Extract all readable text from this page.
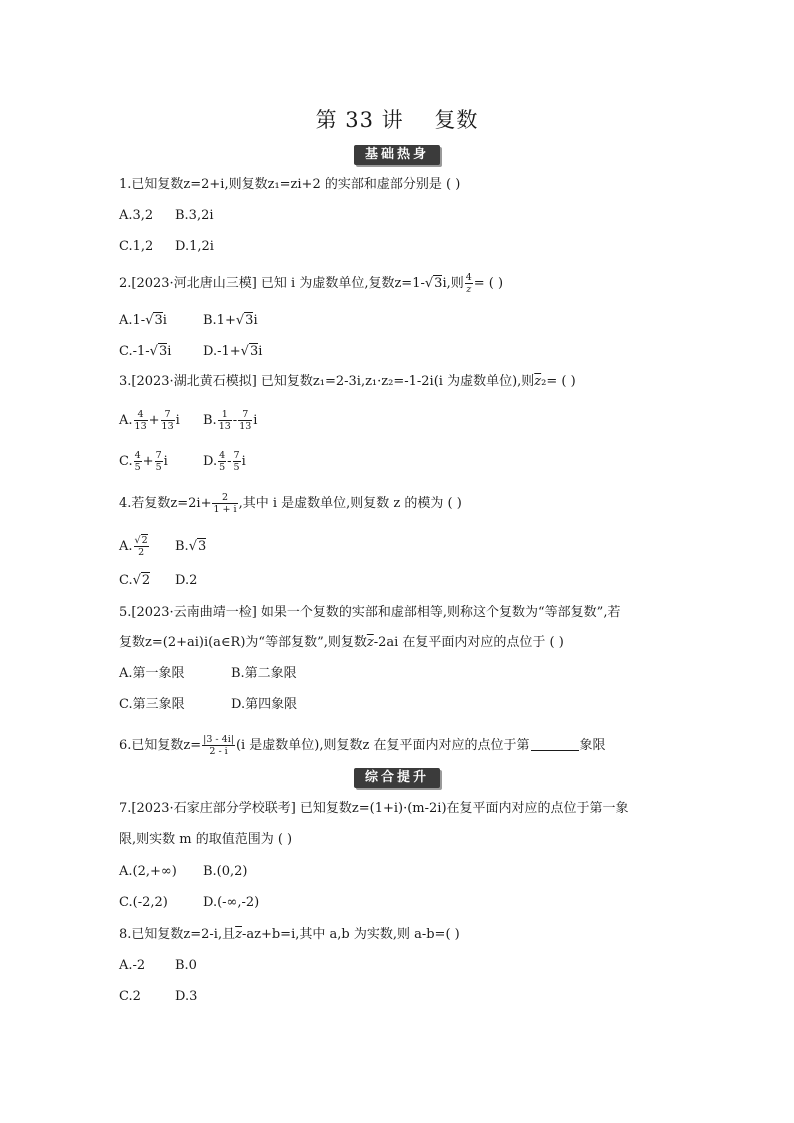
第 33 讲    复数
基础热身
1.已知复数z=2+i,则复数z₁=zi+2 的实部和虚部分别是 ( )
A.3,2 B.3,2i
C.1,2 D.1,2i
2.[2023·河北唐山三模] 已知 i 为虚数单位,复数z=1-√3i,则 $\frac{4}{z}$ = ( )
A.1-√3i	B.1+√3i
C.-1-√3i D.-1+√3i
3.[2023·湖北黄石模拟] 已知复数z₁=2-3i,z₁·z₂=-1-2i(i 为虚数单位),则$\overline{z}_2=$ ( )
A. $\frac{4}{13} + \frac{7}{13}$ i B. $\frac{1}{13} - \frac{7}{13}$ i
C. $\frac{4}{5} + \frac{7}{5}$ i	D. $\frac{4}{5} - \frac{7}{5}$ i
4.若复数$z=2i+ \frac{2}{1 + i}$ ,其中 i 是虚数单位,则复数 z 的模为 ( )
A. $\frac{√2}{2} B.√3$
C.√2 D.2
5.[2023·云南曲靖一检] 如果一个复数的实部和虚部相等,则称这个复数为“等部复数”,若
复数z=(2+ai)i(a∈R)为“等部复数”,则复数$\overline{z}-2ai$ 在复平面内对应的点位于 ( )
A.第一象限	B.第二象限
C.第三象限	D.第四象限
6.已知复数$z= \frac{|3 - 4i|}{2 - i} (i$ 是虚数单位),则复数z 在复平面内对应的点位于第	象限
综合提升
7.[2023·石家庄部分学校联考] 已知复数z=(1+i)·(m-2i)在复平面内对应的点位于第一象
限,则实数 m 的取值范围为 ( )
A.(2,+∞) B.(0,2)
C.(-2,2)	D.(-∞,-2)
8.已知复数z=2-i,且$\overline{z}-az+b=i$,其中 a,b 为实数,则 a-b=( )
A.-2 B.0
C.2	D.3
